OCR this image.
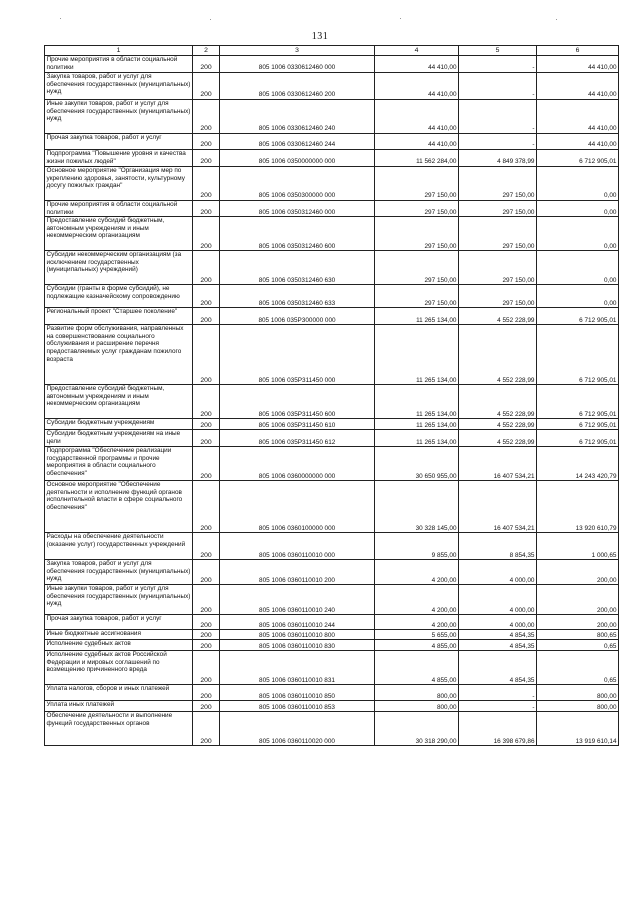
131
1	2	3	4	5	6
Прочие мероприятия в области социальной политики	200	805 1006 0330612460 000	44 410,00	-	44 410,00
Закупка товаров, работ и услуг для обеспечения государственных (муниципальных) нужд	200	805 1006 0330612460 200	44 410,00	-	44 410,00
Иные закупки товаров, работ и услуг для обеспечения государственных (муниципальных) нужд	200	805 1006 0330612460 240	44 410,00	-	44 410,00
Прочая закупка товаров, работ и услуг	200	805 1006 0330612460 244	44 410,00	-	44 410,00
Подпрограмма "Повышение уровня и качества жизни пожилых людей"	200	805 1006 0350000000 000	11 562 284,00	4 849 378,99	6 712 905,01
Основное мероприятие "Организация мер по укреплению здоровья, занятости, культурному досугу пожилых граждан"	200	805 1006 0350300000 000	297 150,00	297 150,00	0,00
Прочие мероприятия в области социальной политики	200	805 1006 0350312460 000	297 150,00	297 150,00	0,00
Предоставление субсидий бюджетным, автономным учреждениям и иным некоммерческим организациям	200	805 1006 0350312460 600	297 150,00	297 150,00	0,00
Субсидии некоммерческим организациям (за исключением государственных (муниципальных) учреждений)	200	805 1006 0350312460 630	297 150,00	297 150,00	0,00
Субсидии (гранты в форме субсидий), не подлежащие казначейскому сопровождению	200	805 1006 0350312460 633	297 150,00	297 150,00	0,00
Региональный проект "Старшее поколение"	200	805 1006 035P300000 000	11 265 134,00	4 552 228,99	6 712 905,01
Развитие форм обслуживания, направленных на совершенствование социального обслуживания и расширение перечня предоставляемых услуг гражданам пожилого возраста	200	805 1006 035P311450 000	11 265 134,00	4 552 228,99	6 712 905,01
Предоставление субсидий бюджетным, автономным учреждениям и иным некоммерческим организациям	200	805 1006 035P311450 600	11 265 134,00	4 552 228,99	6 712 905,01
Субсидии бюджетным учреждениям	200	805 1006 035P311450 610	11 265 134,00	4 552 228,99	6 712 905,01
Субсидии бюджетным учреждениям на иные цели	200	805 1006 035P311450 612	11 265 134,00	4 552 228,99	6 712 905,01
Подпрограмма "Обеспечение реализации государственной программы и прочие мероприятия в области социального обеспечения"	200	805 1006 0360000000 000	30 650 955,00	16 407 534,21	14 243 420,79
Основное мероприятие "Обеспечение деятельности и исполнение функций органов исполнительной власти в сфере социального обеспечения"	200	805 1006 0360100000 000	30 328 145,00	16 407 534,21	13 920 610,79
Расходы на обеспечение деятельности (оказание услуг) государственных учреждений	200	805 1006 0360110010 000	9 855,00	8 854,35	1 000,65
Закупка товаров, работ и услуг для обеспечения государственных (муниципальных) нужд	200	805 1006 0360110010 200	4 200,00	4 000,00	200,00
Иные закупки товаров, работ и услуг для обеспечения государственных (муниципальных) нужд	200	805 1006 0360110010 240	4 200,00	4 000,00	200,00
Прочая закупка товаров, работ и услуг	200	805 1006 0360110010 244	4 200,00	4 000,00	200,00
Иные бюджетные ассигнования	200	805 1006 0360110010 800	5 655,00	4 854,35	800,65
Исполнение судебных актов	200	805 1006 0360110010 830	4 855,00	4 854,35	0,65
Исполнение судебных актов Российской Федерации и мировых соглашений по возмещению причиненного вреда	200	805 1006 0360110010 831	4 855,00	4 854,35	0,65
Уплата налогов, сборов и иных платежей	200	805 1006 0360110010 850	800,00	-	800,00
Уплата иных платежей	200	805 1006 0360110010 853	800,00	-	800,00
Обеспечение деятельности и выполнение функций государственных органов	200	805 1006 0360110020 000	30 318 290,00	16 398 679,86	13 919 610,14
